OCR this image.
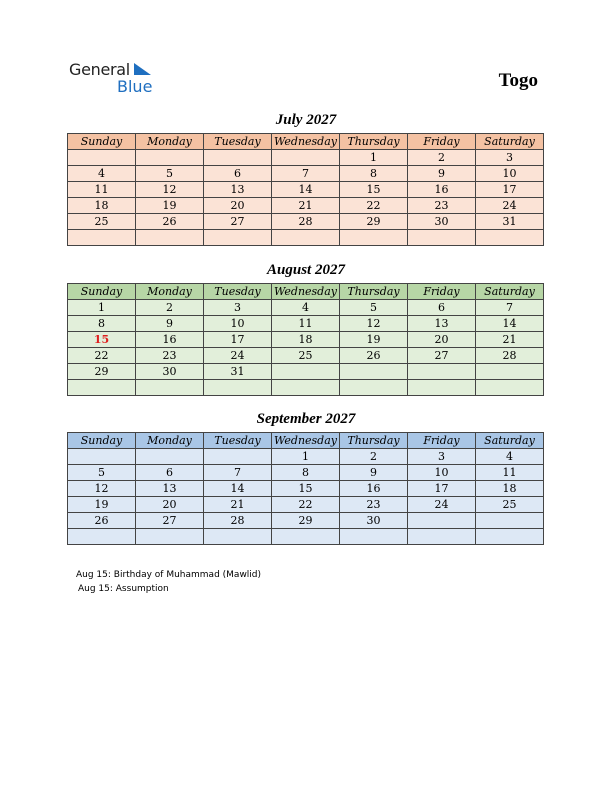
General
Blue	Togo
July 2027
Sunday	Monday	Tuesday	Wednesday	Thursday	Friday	Saturday
				1	2	3
4	5	6	7	8	9	10
11	12	13	14	15	16	17
18	19	20	21	22	23	24
25	26	27	28	29	30	31

August 2027
Sunday	Monday	Tuesday	Wednesday	Thursday	Friday	Saturday
1	2	3	4	5	6	7
8	9	10	11	12	13	14
15	16	17	18	19	20	21
22	23	24	25	26	27	28
29	30	31				

September 2027
Sunday	Monday	Tuesday	Wednesday	Thursday	Friday	Saturday
			1	2	3	4
5	6	7	8	9	10	11
12	13	14	15	16	17	18
19	20	21	22	23	24	25
26	27	28	29	30		

Aug 15: Birthday of Muhammad (Mawlid)
Aug 15: Assumption
